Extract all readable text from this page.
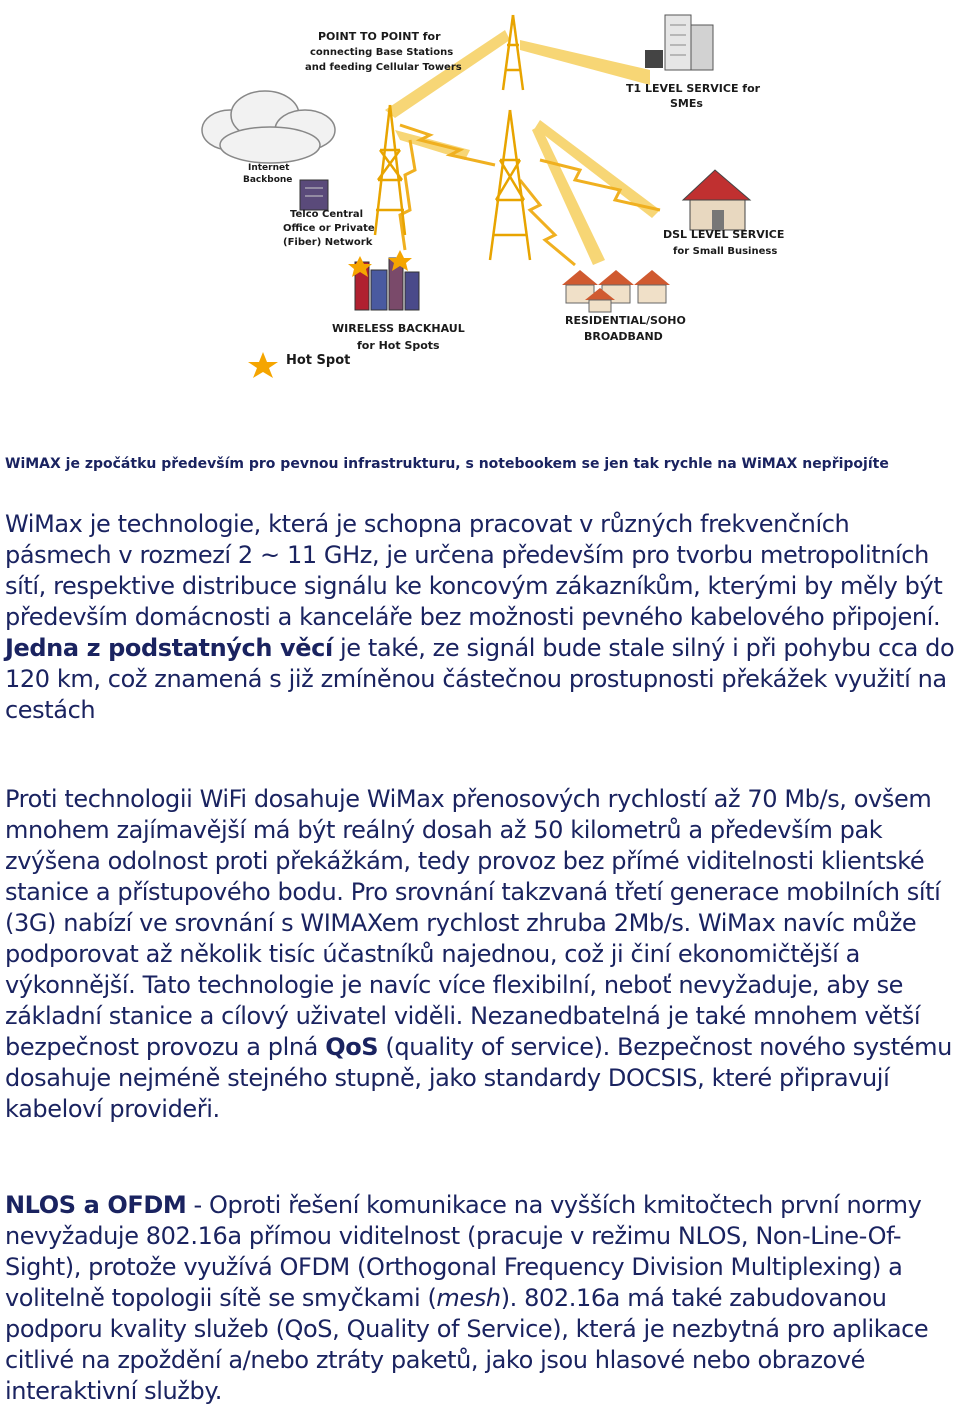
POINT TO POINT for
connecting Base Stations
and feeding Cellular Towers
T1 LEVEL SERVICE for
SMEs
Internet
Backbone
Telco Central
Office or Private
(Fiber) Network
DSL LEVEL SERVICE
for Small Business
WIRELESS BACKHAUL
for Hot Spots
Hot Spot
RESIDENTIAL/SOHO
BROADBAND

WiMAX je zpočátku především pro pevnou infrastrukturu, s notebookem se jen tak rychle na WiMAX nepřipojíte

WiMax je technologie, která je schopna pracovat v různých frekvenčních pásmech v rozmezí 2 ~ 11 GHz, je určena především pro tvorbu metropolitních sítí, respektive distribuce signálu ke koncovým zákazníkům, kterými by měly být především domácnosti a kanceláře bez možnosti pevného kabelového připojení. Jedna z podstatných věcí je také, ze signál bude stale silný i při pohybu cca do 120 km, což znamená s již zmíněnou částečnou prostupnosti překážek využití na cestách

Proti technologii WiFi dosahuje WiMax přenosových rychlostí až 70 Mb/s, ovšem mnohem zajímavější má být reálný dosah až 50 kilometrů a především pak zvýšena odolnost proti překážkám, tedy provoz bez přímé viditelnosti klientské stanice a přístupového bodu. Pro srovnání takzvaná třetí generace mobilních sítí (3G) nabízí ve srovnání s WIMAXem rychlost zhruba 2Mb/s. WiMax navíc může podporovat až několik tisíc účastníků najednou, což ji činí ekonomičtější a výkonnější. Tato technologie je navíc více flexibilní, neboť nevyžaduje, aby se základní stanice a cílový uživatel viděli. Nezanedbatelná je také mnohem větší bezpečnost provozu a plná QoS (quality of service). Bezpečnost nového systému dosahuje nejméně stejného stupně, jako standardy DOCSIS, které připravují kabeloví provideři.

NLOS a OFDM - Oproti řešení komunikace na vyšších kmitočtech první normy nevyžaduje 802.16a přímou viditelnost (pracuje v režimu NLOS, Non-Line-Of-Sight), protože využívá OFDM (Orthogonal Frequency Division Multiplexing) a volitelně topologii sítě se smyčkami (mesh). 802.16a má také zabudovanou podporu kvality služeb (QoS, Quality of Service), která je nezbytná pro aplikace citlivé na zpoždění a/nebo ztráty paketů, jako jsou hlasové nebo obrazové interaktivní služby.
